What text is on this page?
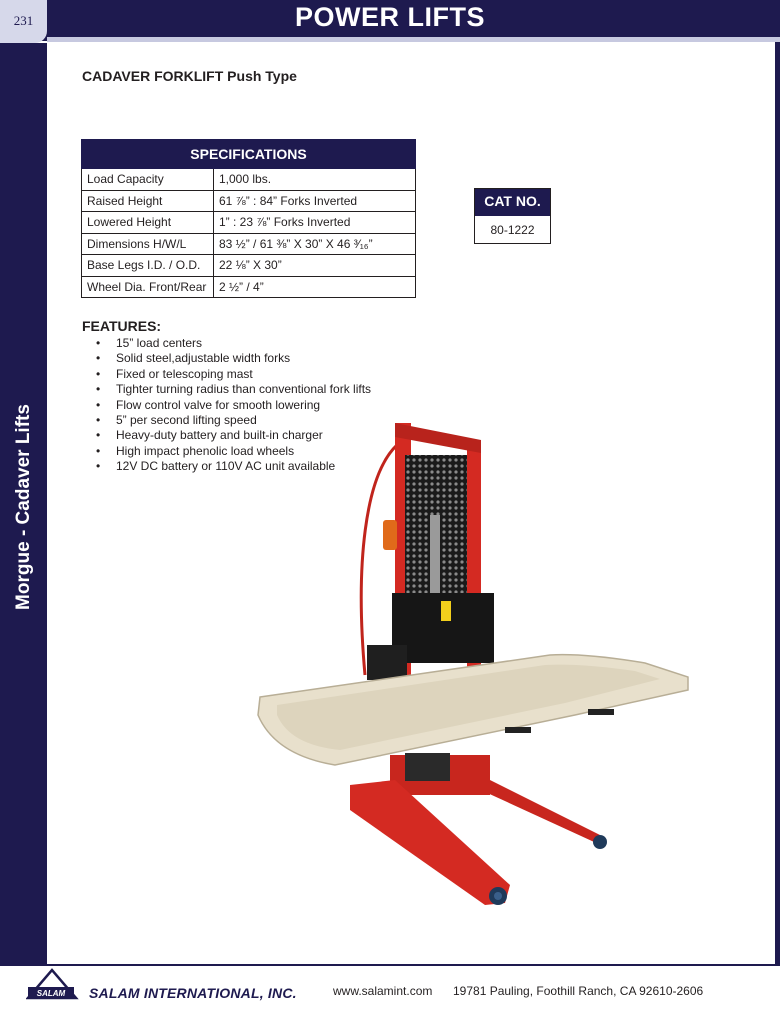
231	POWER LIFTS
Morgue - Cadaver Lifts
CADAVER FORKLIFT Push Type
SPECIFICATIONS	
Load Capacity	1,000 lbs.
Raised Height	61 ⅞” : 84” Forks Inverted
Lowered Height	1” : 23 ⅞” Forks Inverted
Dimensions H/W/L	83 ½” / 61 ⅜” X 30” X 46 ³⁄₁₆”
Base Legs I.D. / O.D.	22 ⅛” X 30”
Wheel Dia. Front/Rear	2 ½” / 4”
CAT NO.
80-1222
FEATURES:
• 15” load centers
• Solid steel,adjustable width forks
• Fixed or telescoping mast
• Tighter turning radius than conventional fork lifts
• Flow control valve for smooth lowering
• 5” per second lifting speed
• Heavy-duty battery and built-in charger
• High impact phenolic load wheels
• 12V DC battery or 110V AC unit available
SALAM SALAM INTERNATIONAL, INC.	www.salamint.com 19781 Pauling, Foothill Ranch, CA 92610-2606
